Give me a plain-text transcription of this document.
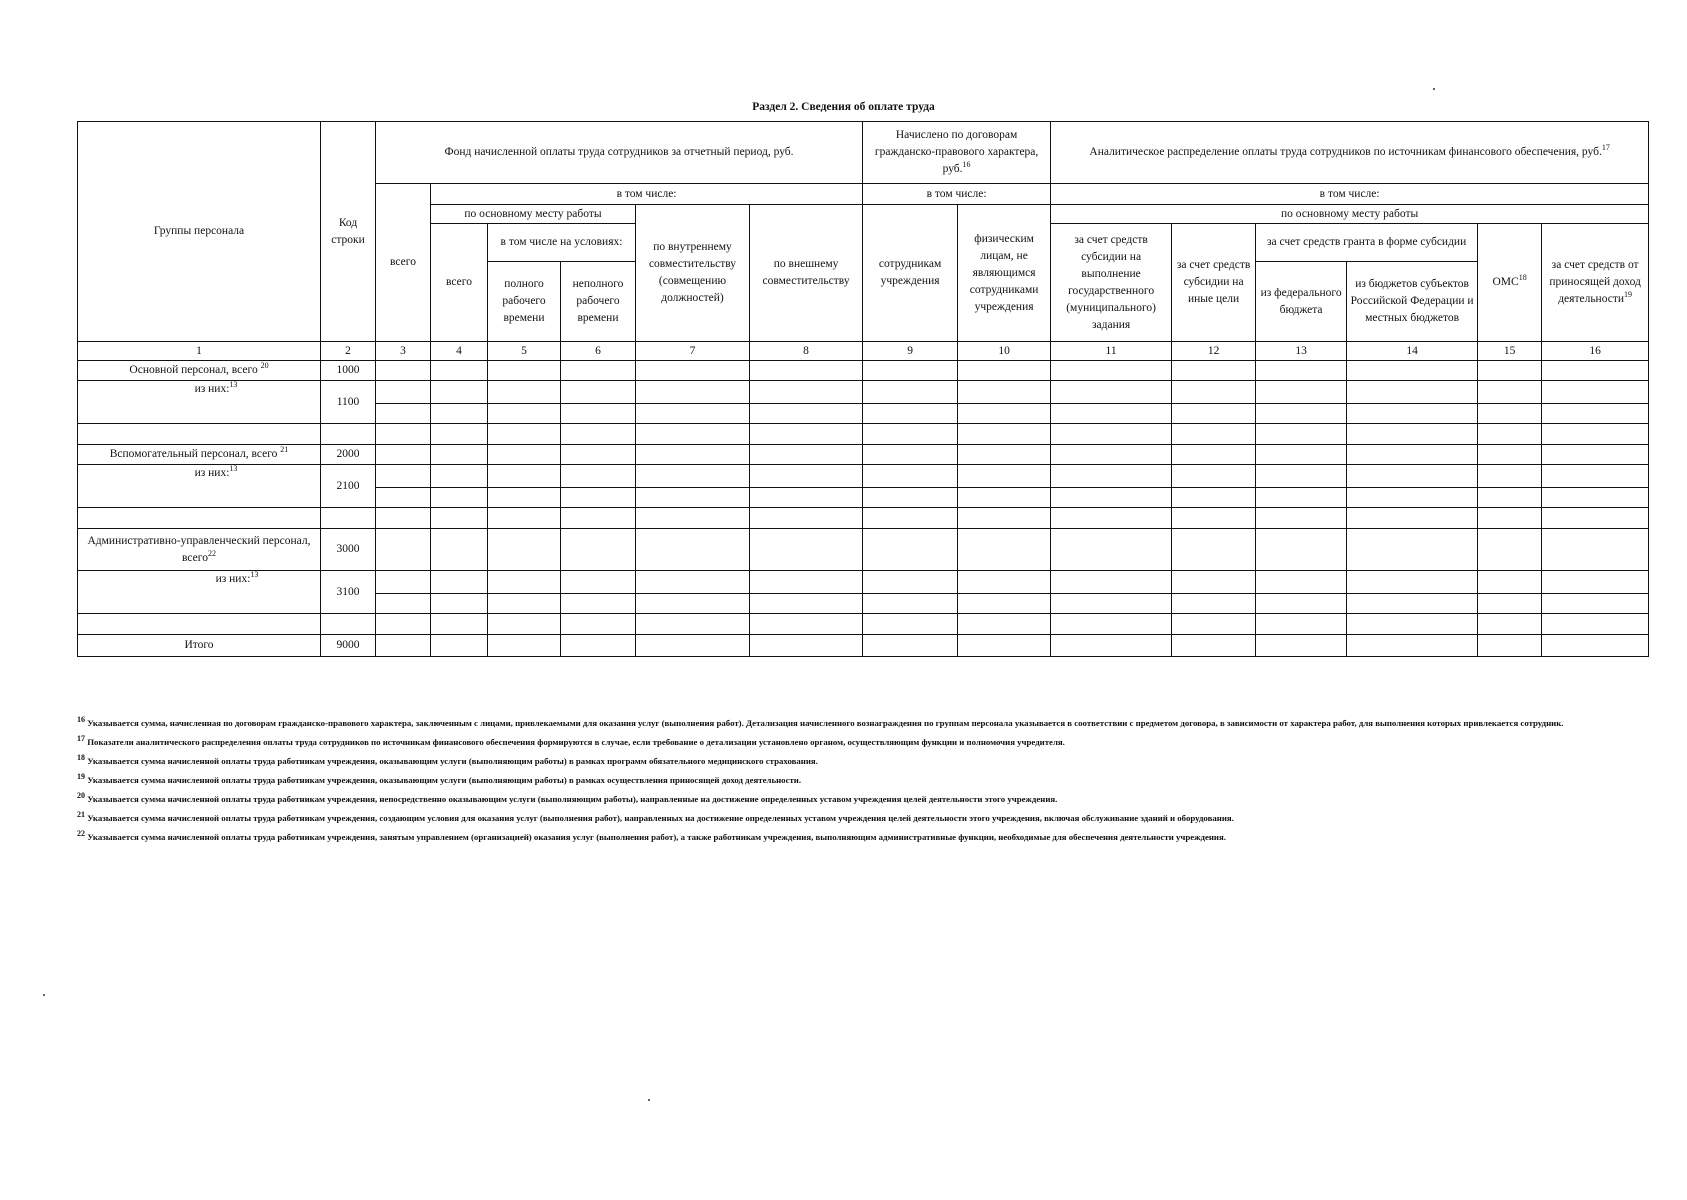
Раздел 2. Сведения об оплате труда
Группы персонала	Код строки	Фонд начисленной оплаты труда сотрудников за отчетный период, руб.						Начислено по договорам гражданско-правового характера, руб.$^{16}$		Аналитическое распределение оплаты труда сотрудников по источникам финансового обеспечения, руб.$^{17}$
		всего	в том числе:					в том числе:		в том числе:					
			по основному месту работы			по внутреннему совместительству (совмещению должностей)	по внешнему совместительству	сотрудникам учреждения	физическим лицам, не являющимся сотрудниками учреждения	по основному месту работы					
			всего	в том числе на условиях:						за счет средств субсидии на выполнение государственного (муниципального) задания	за счет средств субсидии на иные цели	за счет средств гранта в форме субсидии		ОМС$^{18}$	за счет средств от приносящей доход деятельности$^{19}$
				полного рабочего времени	неполного рабочего времени							из федерального бюджета	из бюджетов субъектов Российской Федерации и местных бюджетов		
1	2	3	4	5	6	7	8	9	10	11	12	13	14	15	16
Основной персонал, всего $^{20}$	1000														
из них:$^{13}$	1100														

Вспомогательный персонал, всего $^{21}$	2000														
из них:$^{13}$	2100														

Административно-управленческий персонал, всего$^{22}$	3000														
из них:$^{13}$	3100														

Итого	9000														

16 Указывается сумма, начисленная по договорам гражданско-правового характера, заключенным с лицами, привлекаемыми для оказания услуг (выполнения работ). Детализация начисленного вознаграждения по группам персонала указывается в соответствии с предметом договора, в зависимости от характера работ, для выполнения которых привлекается сотрудник.

17 Показатели аналитического распределения оплаты труда сотрудников по источникам финансового обеспечения формируются в случае, если требование о детализации установлено органом, осуществляющим функции и полномочия учредителя.

18 Указывается сумма начисленной оплаты труда работникам учреждения, оказывающим услуги (выполняющим работы) в рамках программ обязательного медицинского страхования.

19 Указывается сумма начисленной оплаты труда работникам учреждения, оказывающим услуги (выполняющим работы) в рамках осуществления приносящей доход деятельности.

20 Указывается сумма начисленной оплаты труда работникам учреждения, непосредственно оказывающим услуги (выполняющим работы), направленные на достижение определенных уставом учреждения целей деятельности этого учреждения.

21 Указывается сумма начисленной оплаты труда работникам учреждения, создающим условия для оказания услуг (выполнения работ), направленных на достижение определенных уставом учреждения целей деятельности этого учреждения, включая обслуживание зданий и оборудования.

22 Указывается сумма начисленной оплаты труда работникам учреждения, занятым управлением (организацией) оказания услуг (выполнения работ), а также работникам учреждения, выполняющим административные функции, необходимые для обеспечения деятельности учреждения.
